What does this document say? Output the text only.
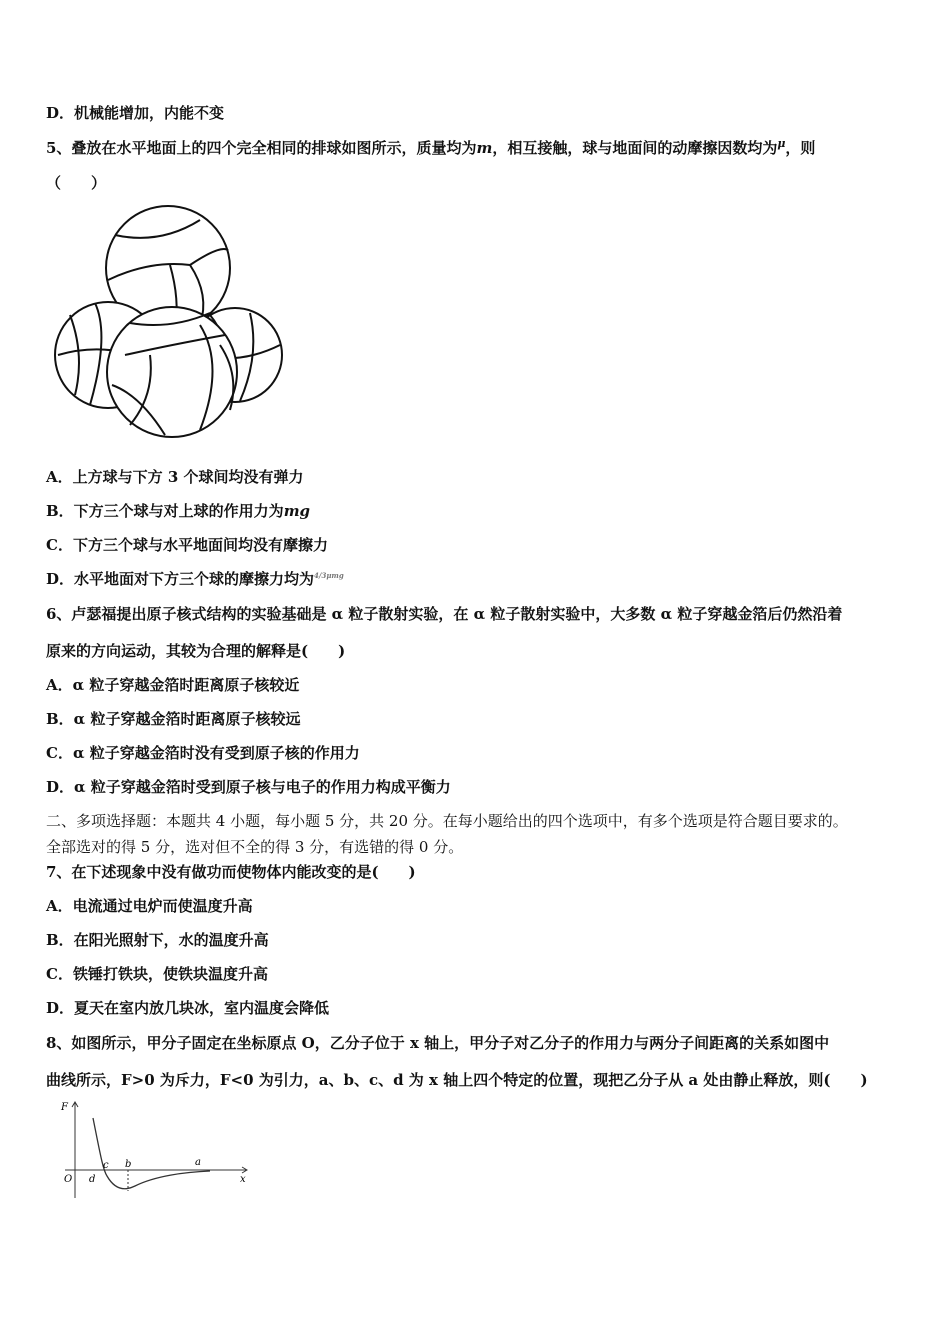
D．机械能增加，内能不变
5、叠放在水平地面上的四个完全相同的排球如图所示，质量均为m，相互接触，球与地面间的动摩擦因数均为$^\mu$，则
（　　）
A．上方球与下方 3 个球间均没有弹力
B．下方三个球与对上球的作用力为mg
C．下方三个球与水平地面间均没有摩擦力
D．水平地面对下方三个球的摩擦力均为$^{4/3\mu mg}$
6、卢瑟福提出原子核式结构的实验基础是 α 粒子散射实验，在 α 粒子散射实验中，大多数 α 粒子穿越金箔后仍然沿着
原来的方向运动，其较为合理的解释是(　　)
A．α 粒子穿越金箔时距离原子核较近
B．α 粒子穿越金箔时距离原子核较远
C．α 粒子穿越金箔时没有受到原子核的作用力
D．α 粒子穿越金箔时受到原子核与电子的作用力构成平衡力
二、多项选择题：本题共 4 小题，每小题 5 分，共 20 分。在每小题给出的四个选项中，有多个选项是符合题目要求的。
全部选对的得 5 分，选对但不全的得 3 分，有选错的得 0 分。
7、在下述现象中没有做功而使物体内能改变的是(　　)
A．电流通过电炉而使温度升高
B．在阳光照射下，水的温度升高
C．铁锤打铁块，使铁块温度升高
D．夏天在室内放几块冰，室内温度会降低
8、如图所示，甲分子固定在坐标原点 O，乙分子位于 x 轴上，甲分子对乙分子的作用力与两分子间距离的关系如图中
曲线所示，F>0 为斥力，F<0 为引力，a、b、c、d 为 x 轴上四个特定的位置，现把乙分子从 a 处由静止释放，则(　　)
F
x
O
a
b
c
d
